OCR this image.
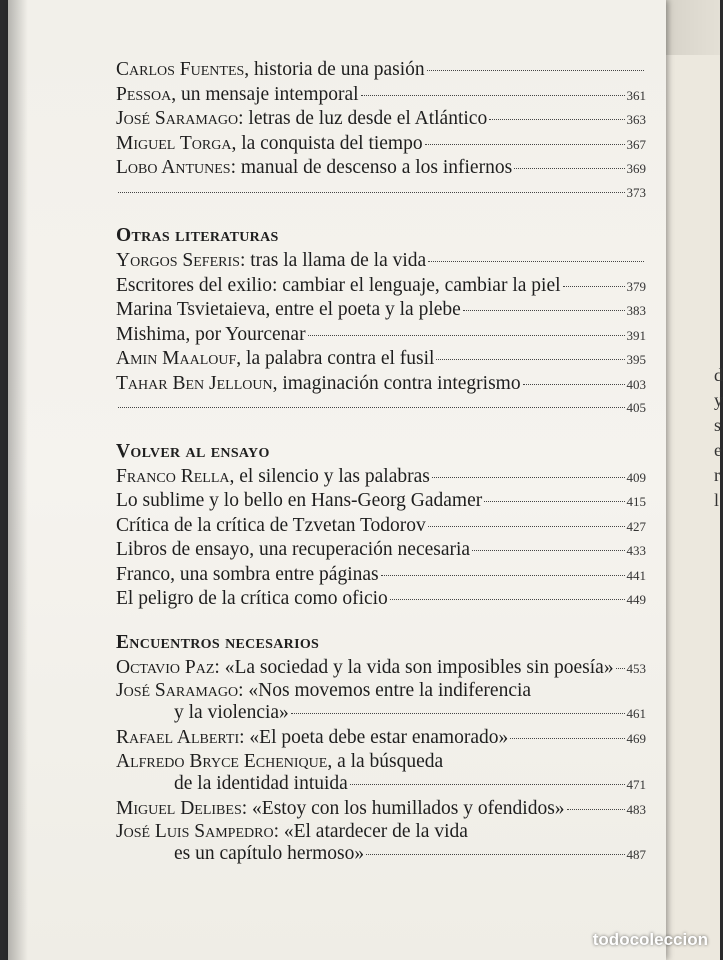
d
y
s
e
r
l
Carlos Fuentes, historia de una pasión
Pessoa, un mensaje intemporal	361
José Saramago: letras de luz desde el Atlántico	363
Miguel Torga, la conquista del tiempo	367
Lobo Antunes: manual de descenso a los infiernos	369
373
Otras literaturas
Yorgos Seferis: tras la llama de la vida
Escritores del exilio: cambiar el lenguaje, cambiar la piel	379
Marina Tsvietaieva, entre el poeta y la plebe	383
Mishima, por Yourcenar	391
Amin Maalouf, la palabra contra el fusil	395
Tahar Ben Jelloun, imaginación contra integrismo	403
405
Volver al ensayo
Franco Rella, el silencio y las palabras	409
Lo sublime y lo bello en Hans-Georg Gadamer	415
Crítica de la crítica de Tzvetan Todorov	427
Libros de ensayo, una recuperación necesaria	433
Franco, una sombra entre páginas	441
El peligro de la crítica como oficio	449
Encuentros necesarios
Octavio Paz: «La sociedad y la vida son imposibles sin poesía» 453
José Saramago: «Nos movemos entre la indiferencia
y la violencia»	461
Rafael Alberti: «El poeta debe estar enamorado»	469
Alfredo Bryce Echenique, a la búsqueda
de la identidad intuida	471
Miguel Delibes: «Estoy con los humillados y ofendidos»	483
José Luis Sampedro: «El atardecer de la vida
es un capítulo hermoso»	487
todocoleccion
